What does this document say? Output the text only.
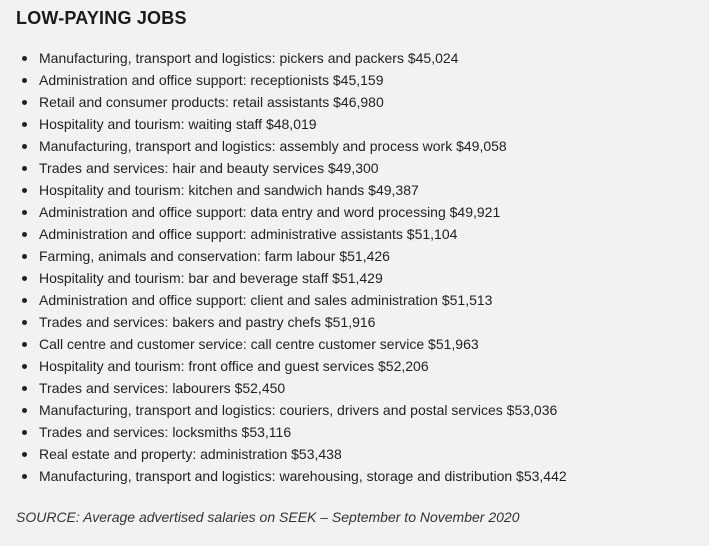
LOW-PAYING JOBS
Manufacturing, transport and logistics: pickers and packers $45,024
Administration and office support: receptionists $45,159
Retail and consumer products: retail assistants $46,980
Hospitality and tourism: waiting staff $48,019
Manufacturing, transport and logistics: assembly and process work $49,058
Trades and services: hair and beauty services $49,300
Hospitality and tourism: kitchen and sandwich hands $49,387
Administration and office support: data entry and word processing $49,921
Administration and office support: administrative assistants $51,104
Farming, animals and conservation: farm labour $51,426
Hospitality and tourism: bar and beverage staff $51,429
Administration and office support: client and sales administration $51,513
Trades and services: bakers and pastry chefs $51,916
Call centre and customer service: call centre customer service $51,963
Hospitality and tourism: front office and guest services $52,206
Trades and services: labourers $52,450
Manufacturing, transport and logistics: couriers, drivers and postal services $53,036
Trades and services: locksmiths $53,116
Real estate and property: administration $53,438
Manufacturing, transport and logistics: warehousing, storage and distribution $53,442

SOURCE: Average advertised salaries on SEEK – September to November 2020
